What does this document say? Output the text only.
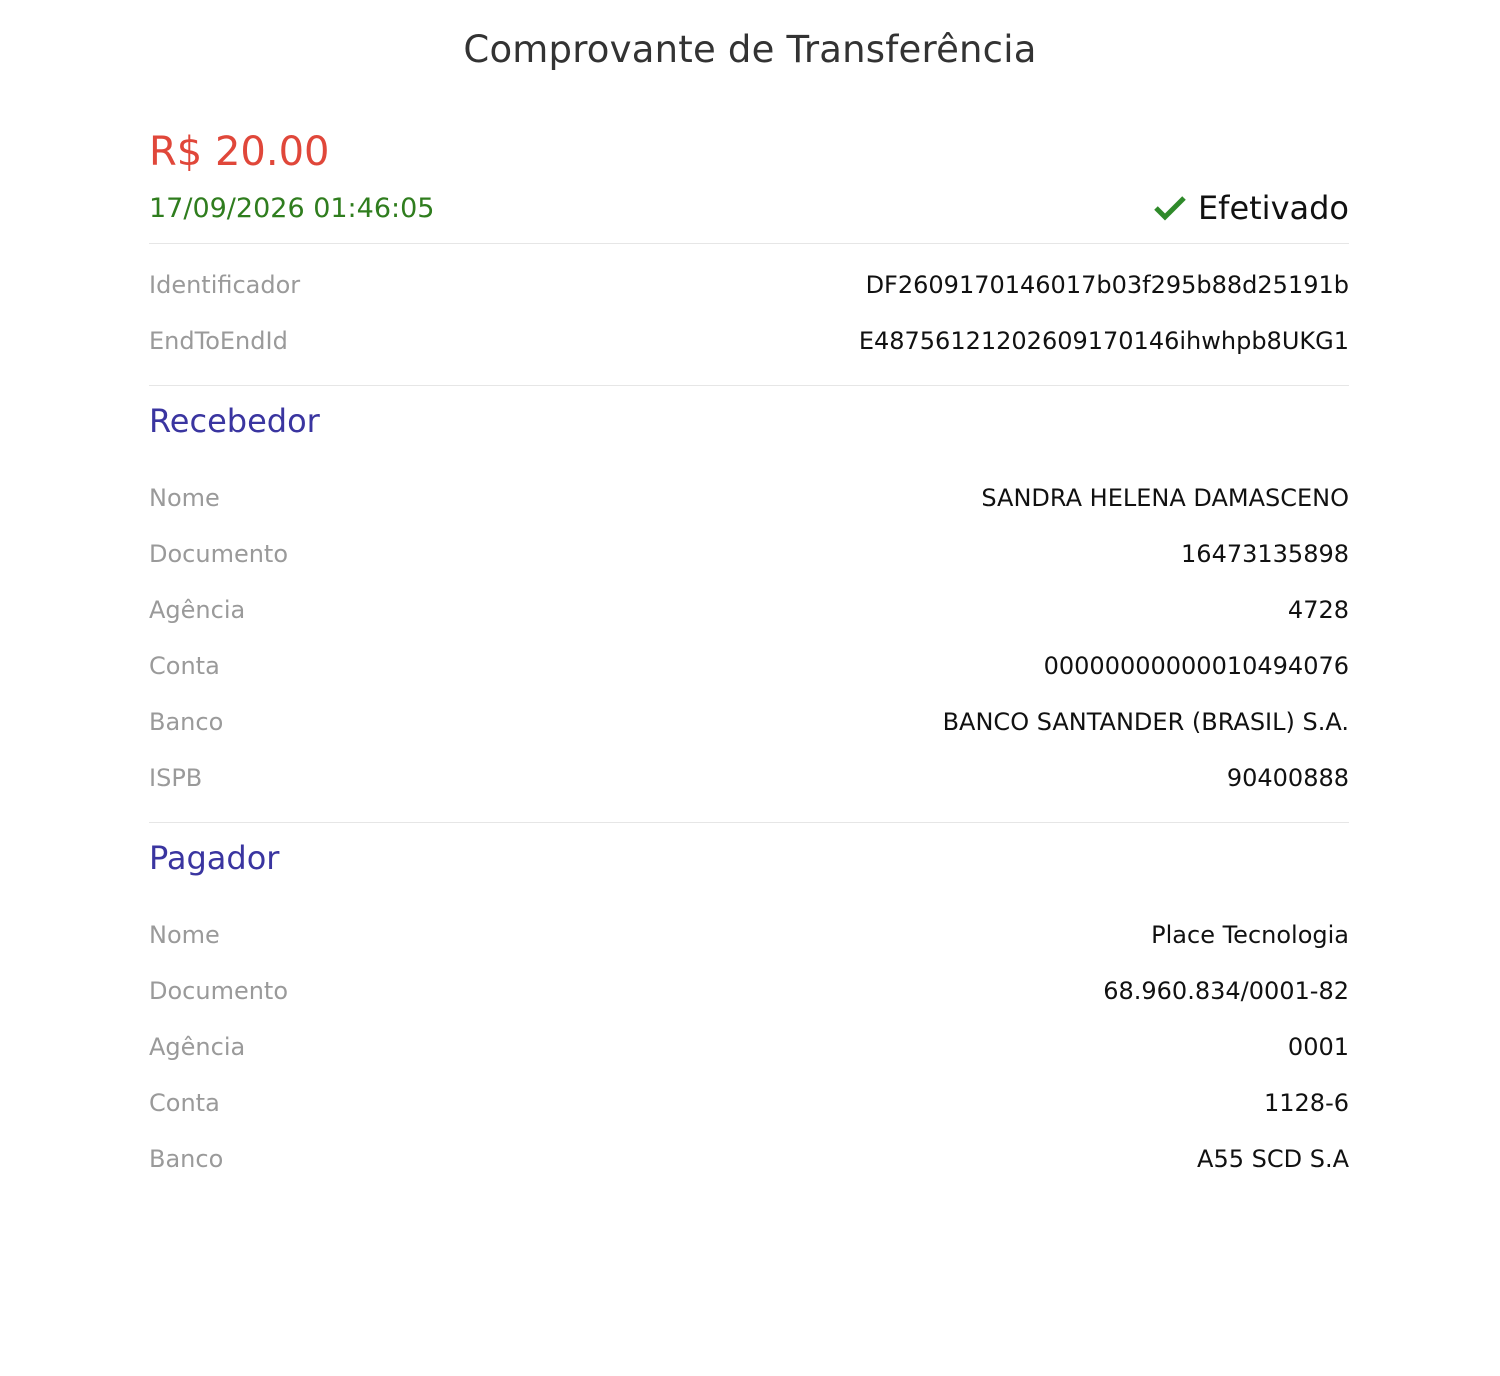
Comprovante de Transferência
R$ 20.00
17/09/2026 01:46:05	Efetivado
Identificador	DF2609170146017b03f295b88d25191b
EndToEndId	E48756121202609170146ihwhpb8UKG1
Recebedor
Nome	SANDRA HELENA DAMASCENO
Documento	16473135898
Agência	4728
Conta	00000000000010494076
Banco	BANCO SANTANDER (BRASIL) S.A.
ISPB	90400888
Pagador
Nome	Place Tecnologia
Documento	68.960.834/0001-82
Agência	0001
Conta	1128-6
Banco	A55 SCD S.A
